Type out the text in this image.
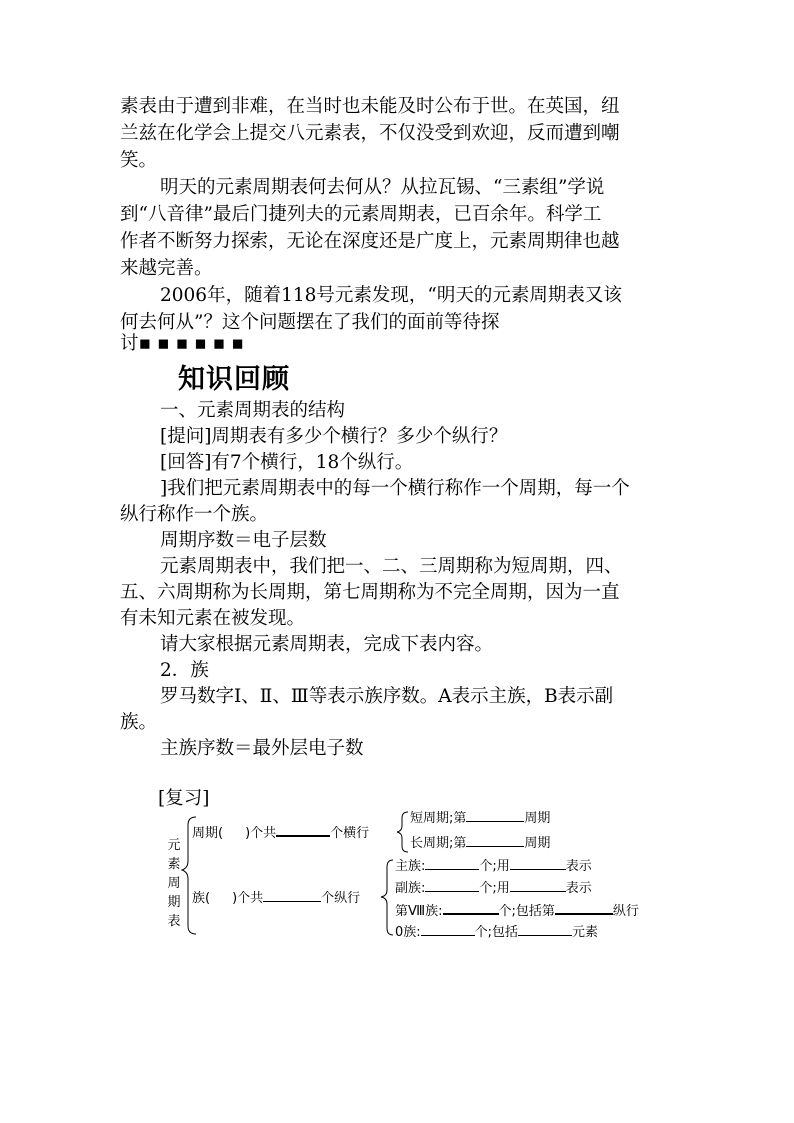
素表由于遭到非难，在当时也未能及时公布于世。在英国，纽
兰兹在化学会上提交八元素表，不仅没受到欢迎，反而遭到嘲
笑。
明天的元素周期表何去何从？从拉瓦锡、“三素组”学说
到“八音律”最后门捷列夫的元素周期表，已百余年。科学工
作者不断努力探索，无论在深度还是广度上，元素周期律也越
来越完善。
2006年，随着118号元素发现，“明天的元素周期表又该
何去何从”？这个问题摆在了我们的面前等待探
讨▪▪▪▪▪▪
知识回顾
一、元素周期表的结构
[提问]周期表有多少个横行？多少个纵行？
[回答]有7个横行，18个纵行。
]我们把元素周期表中的每一个横行称作一个周期，每一个
纵行称作一个族。
周期序数＝电子层数
元素周期表中，我们把一、二、三周期称为短周期，四、
五、六周期称为长周期，第七周期称为不完全周期，因为一直
有未知元素在被发现。
请大家根据元素周期表，完成下表内容。
2．族
罗马数字Ⅰ、Ⅱ、Ⅲ等表示族序数。A表示主族，B表示副
族。
主族序数＝最外层电子数
[复习]
元素周期表
周期( )个共	个横行
短周期;第	周期
长周期;第	周期
族( )个共	个纵行
主族:	个;用	表示
副族:	个;用	表示
第Ⅷ族:	个;包括第	纵行
0族:	个;包括	元素
